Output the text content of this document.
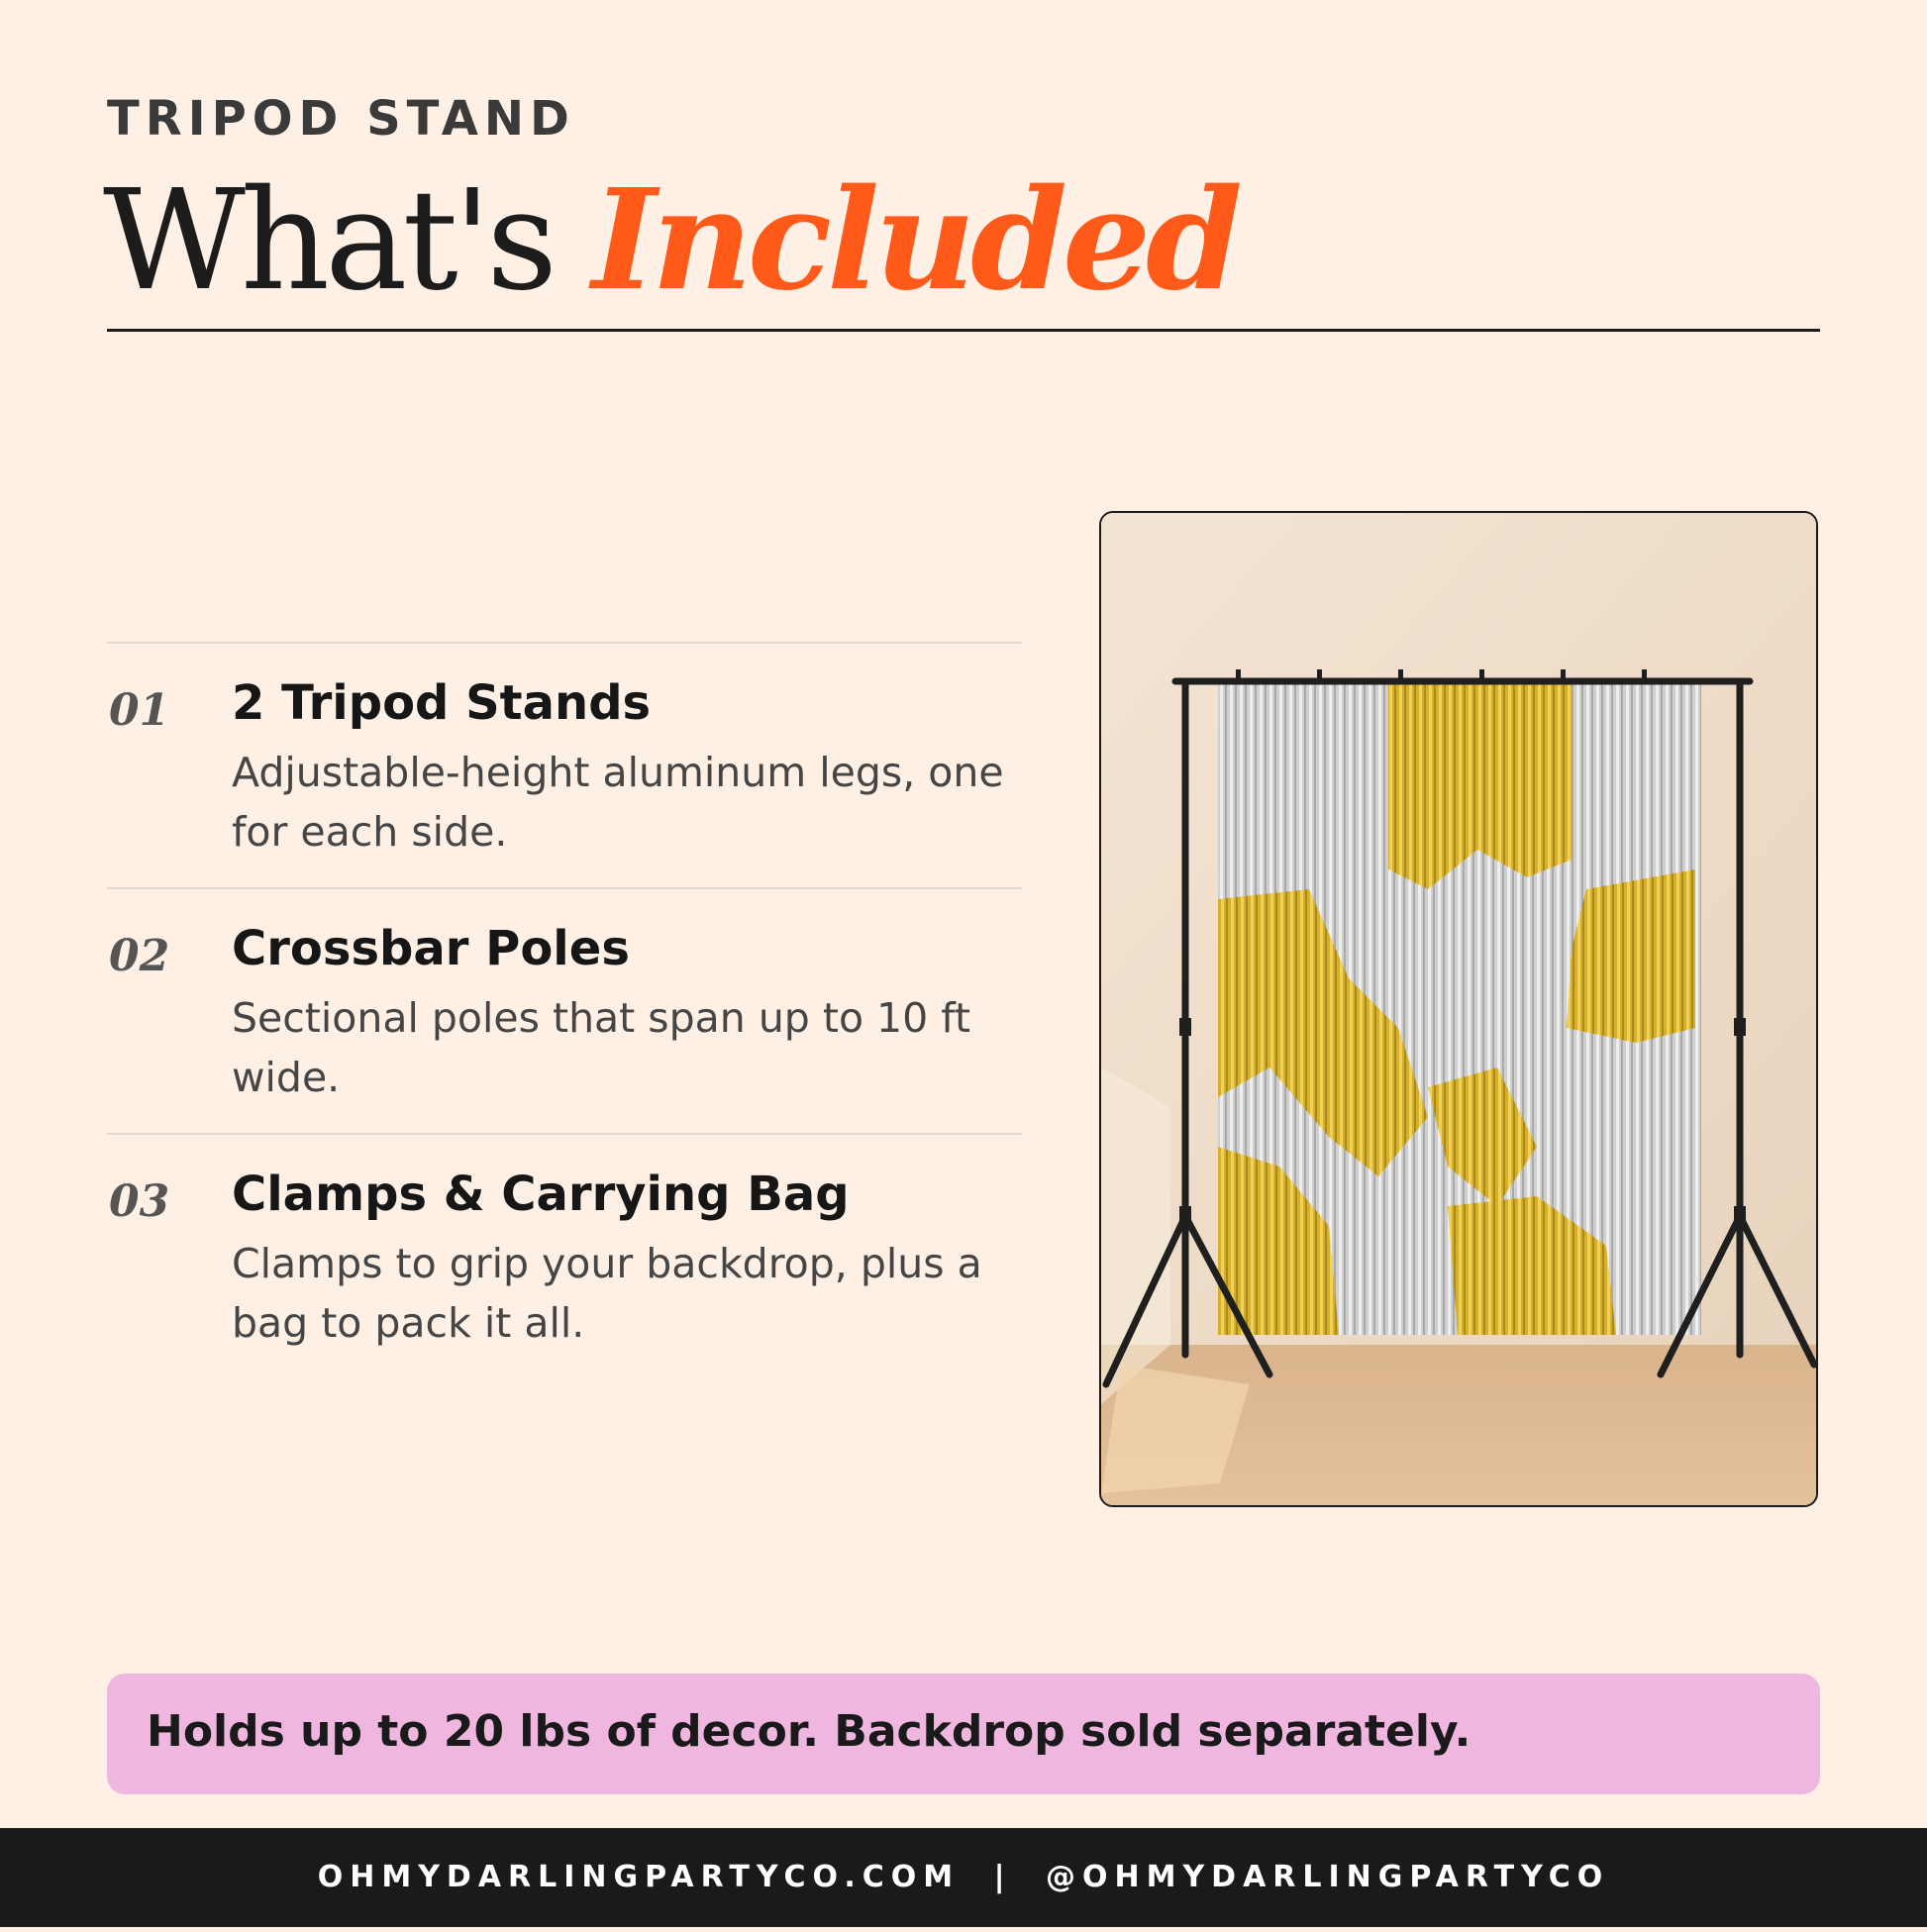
TRIPOD STAND
What's Included
01 2 Tripod Stands
Adjustable-height aluminum legs, one for each side.
02 Crossbar Poles
Sectional poles that span up to 10 ft wide.
03 Clamps & Carrying Bag
Clamps to grip your backdrop, plus a bag to pack it all.
Holds up to 20 lbs of decor. Backdrop sold separately.
OHMYDARLINGPARTYCO.COM | @OHMYDARLINGPARTYCO
